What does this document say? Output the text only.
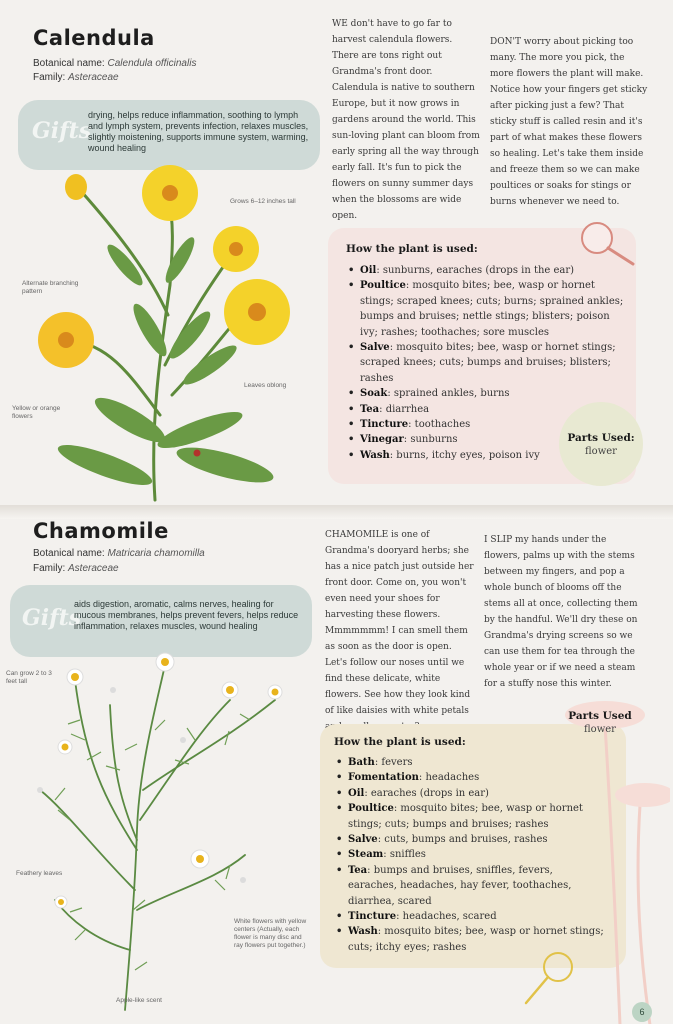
Calendula
Botanical name: Calendula officinalis
Family: Asteraceae
Gifts
drying, helps reduce inflammation, soothing to lymph and lymph system, prevents infection, relaxes muscles, slightly moistening, supports immune system, warming, wound healing
Grows 6–12 inches tall
Alternate branching pattern
Yellow or orange flowers
Leaves oblong
WE don't have to go far to harvest calendula flowers. There are tons right out Grandma's front door. Calendula is native to southern Europe, but it now grows in gardens around the world. This sun-loving plant can bloom from early spring all the way through early fall. It's fun to pick the flowers on sunny summer days when the blossoms are wide open.
DON'T worry about picking too many. The more you pick, the more flowers the plant will make. Notice how your fingers get sticky after picking just a few? That sticky stuff is called resin and it's part of what makes these flowers so healing. Let's take them inside and freeze them so we can make poultices or soaks for stings or burns whenever we need to.
How the plant is used:
• Oil: sunburns, earaches (drops in the ear)
• Poultice: mosquito bites; bee, wasp or hornet stings; scraped knees; cuts; burns; sprained ankles; bumps and bruises; nettle stings; blisters; poison ivy; rashes; toothaches; sore muscles
• Salve: mosquito bites; bee, wasp or hornet stings; scraped knees; cuts; bumps and bruises; blisters; rashes
• Soak: sprained ankles, burns
• Tea: diarrhea
• Tincture: toothaches
• Vinegar: sunburns
• Wash: burns, itchy eyes, poison ivy
Parts Used:
flower
Chamomile
Botanical name: Matricaria chamomilla
Family: Asteraceae
Gifts
aids digestion, aromatic, calms nerves, healing for mucous membranes, helps prevent fevers, helps reduce inflammation, relaxes muscles, wound healing
Can grow 2 to 3 feet tall
Feathery leaves
White flowers with yellow centers (Actually, each flower is many disc and ray flowers put together.)
Apple-like scent
CHAMOMILE is one of Grandma's dooryard herbs; she has a nice patch just outside her front door. Come on, you won't even need your shoes for harvesting these flowers. Mmmmmmm! I can smell them as soon as the door is open. Let's follow our noses until we find these delicate, white flowers. See how they look kind of like daisies with white petals
I SLIP my hands under the flowers, palms up with the stems between my fingers, and pop a whole bunch of blooms off the stems all at once, collecting them by the handful. We'll dry these on Grandma's drying screens so we can use them for tea through the whole year or if we need a steam for a stuffy nose this winter.
How the plant is used:
• Bath: fevers
• Fomentation: headaches
• Oil: earaches (drops in ear)
• Poultice: mosquito bites; bee, wasp or hornet stings; cuts; bumps and bruises; rashes
• Salve: cuts, bumps and bruises, rashes
• Steam: sniffles
• Tea: bumps and bruises, sniffles, fevers, earaches, headaches, hay fever, toothaches, diarrhea, scared
• Tincture: headaches, scared
• Wash: mosquito bites; bee, wasp or hornet stings; cuts; itchy eyes; rashes
Parts Used
flower
6
